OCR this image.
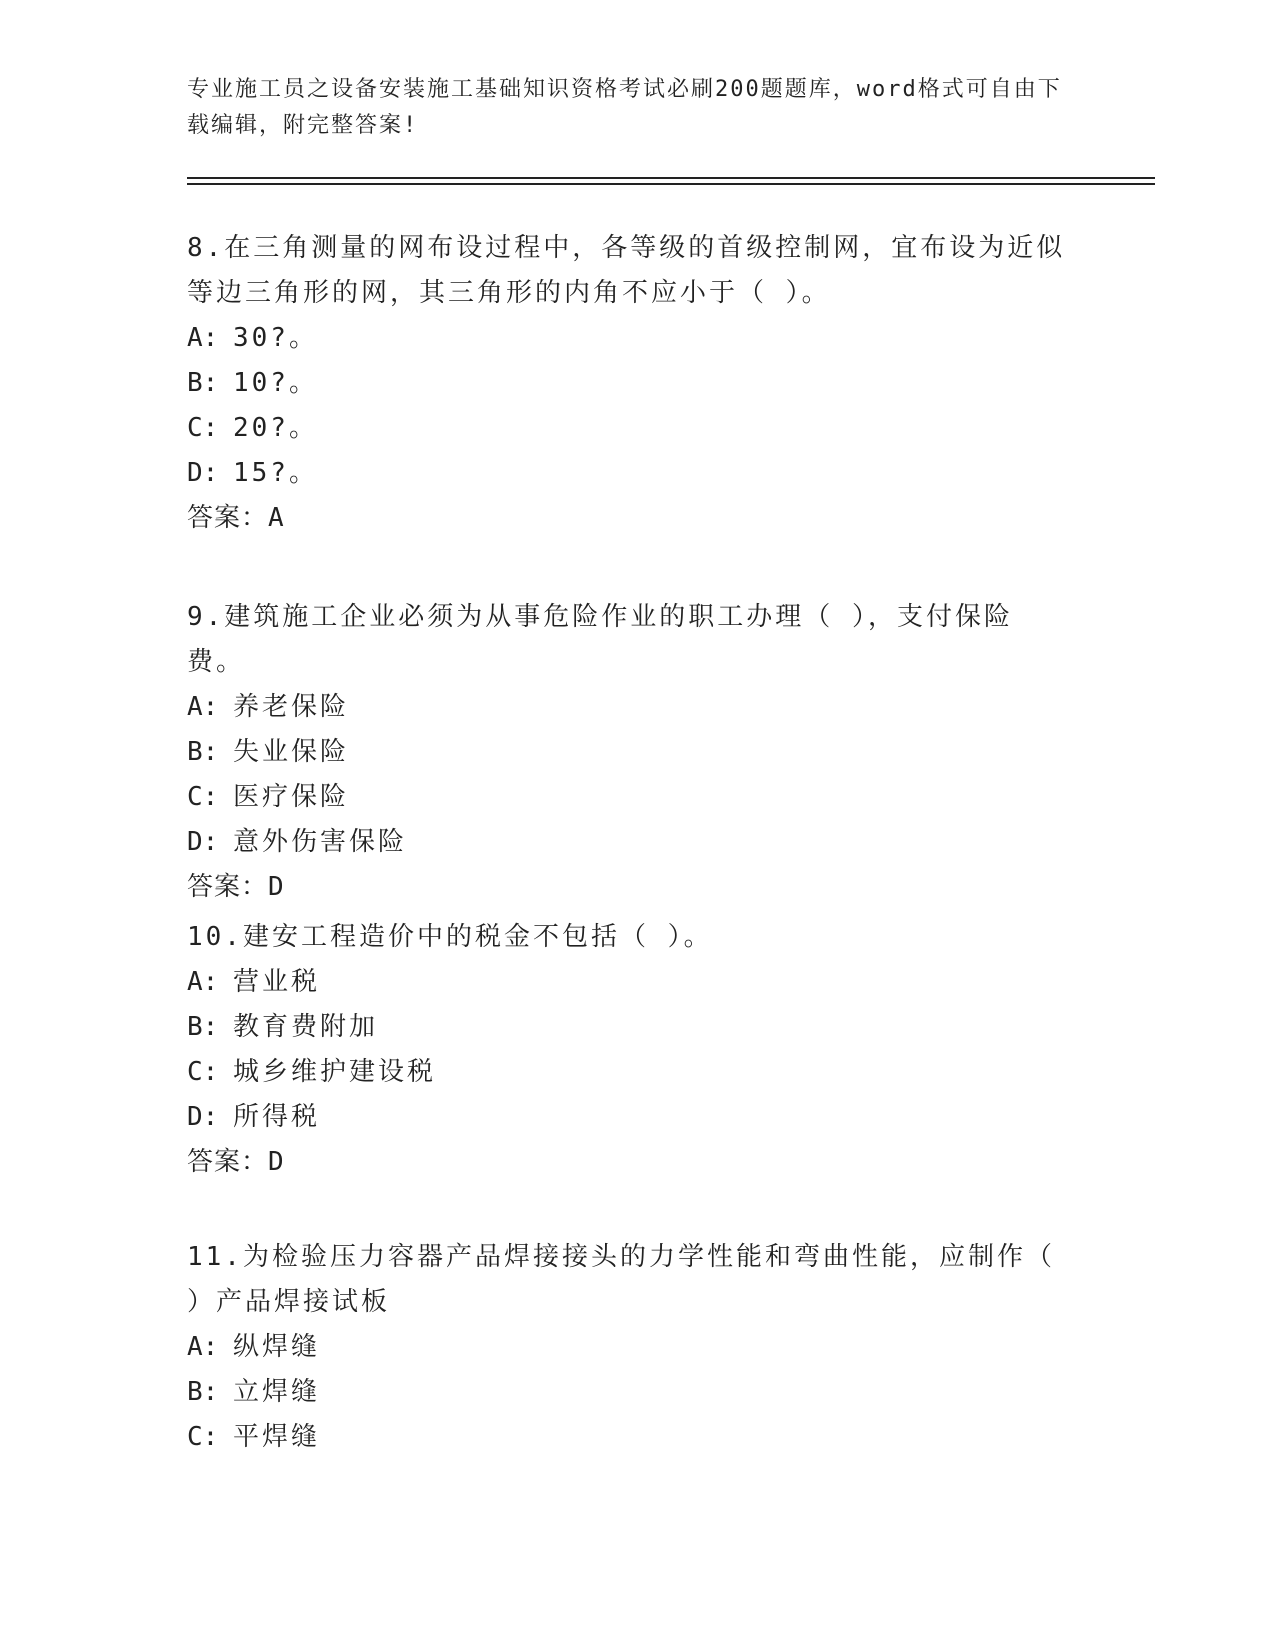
专业施工员之设备安装施工基础知识资格考试必刷200题题库，word格式可自由下载编辑，附完整答案!
8.在三角测量的网布设过程中，各等级的首级控制网，宜布设为近似等边三角形的网，其三角形的内角不应小于（ ）。
A: 30?。
B: 10?。
C: 20?。
D: 15?。
答案：A
9.建筑施工企业必须为从事危险作业的职工办理（ ），支付保险费。
A: 养老保险
B: 失业保险
C: 医疗保险
D: 意外伤害保险
答案：D
10.建安工程造价中的税金不包括（ ）。
A: 营业税
B: 教育费附加
C: 城乡维护建设税
D: 所得税
答案：D
11.为检验压力容器产品焊接接头的力学性能和弯曲性能，应制作（ ）产品焊接试板
A: 纵焊缝
B: 立焊缝
C: 平焊缝
